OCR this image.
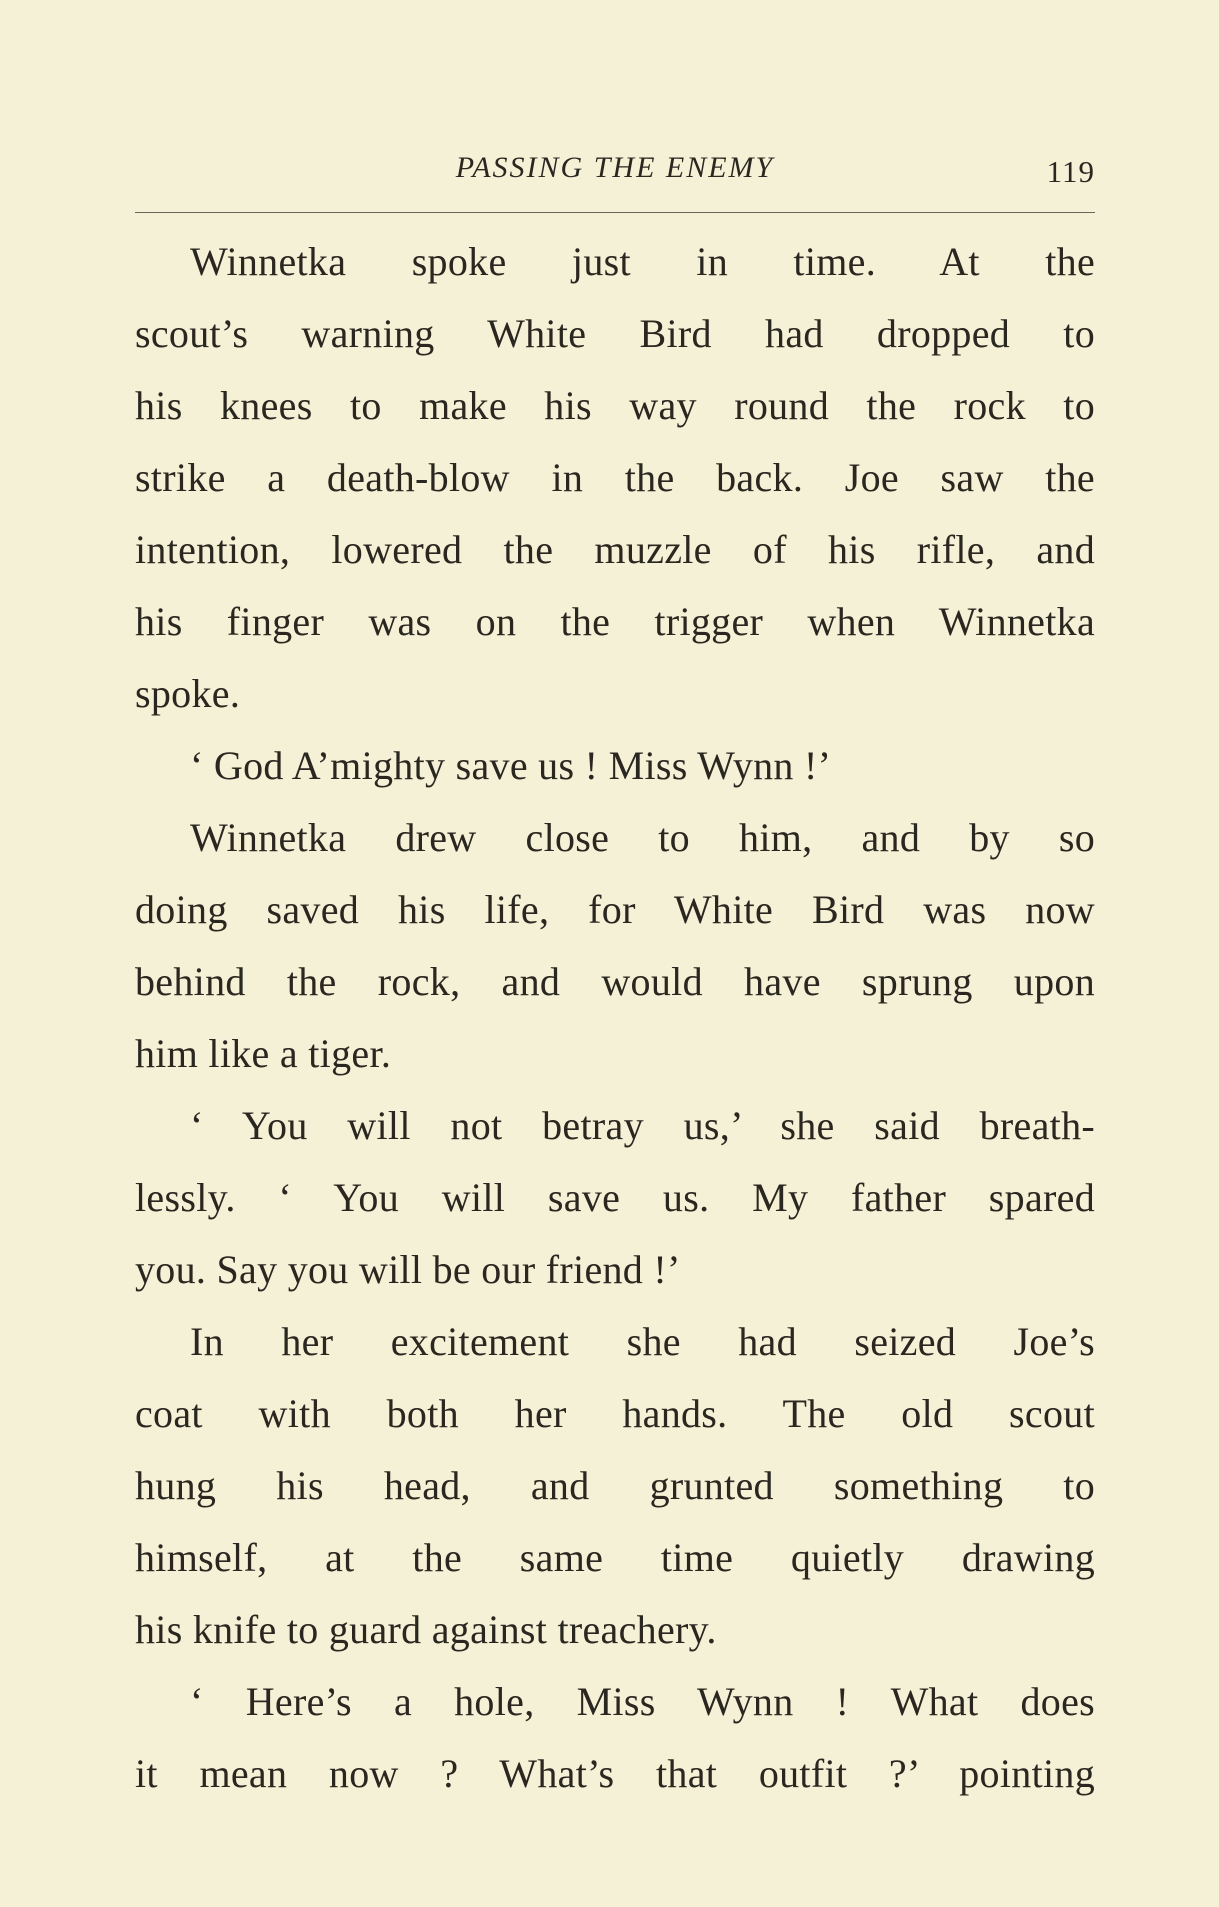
PASSING THE ENEMY	119
Winnetka spoke just in time. At the
scout’s warning White Bird had dropped to
his knees to make his way round the rock to
strike a death-blow in the back. Joe saw the
intention, lowered the muzzle of his rifle, and
his finger was on the trigger when Winnetka
spoke.
‘ God A’mighty save us ! Miss Wynn !’
Winnetka drew close to him, and by so
doing saved his life, for White Bird was now
behind the rock, and would have sprung upon
him like a tiger.
‘ You will not betray us,’ she said breath-
lessly. ‘ You will save us. My father spared
you. Say you will be our friend !’
In her excitement she had seized Joe’s
coat with both her hands. The old scout
hung his head, and grunted something to
himself, at the same time quietly drawing
his knife to guard against treachery.
‘ Here’s a hole, Miss Wynn ! What does
it mean now ? What’s that outfit ?’ pointing
